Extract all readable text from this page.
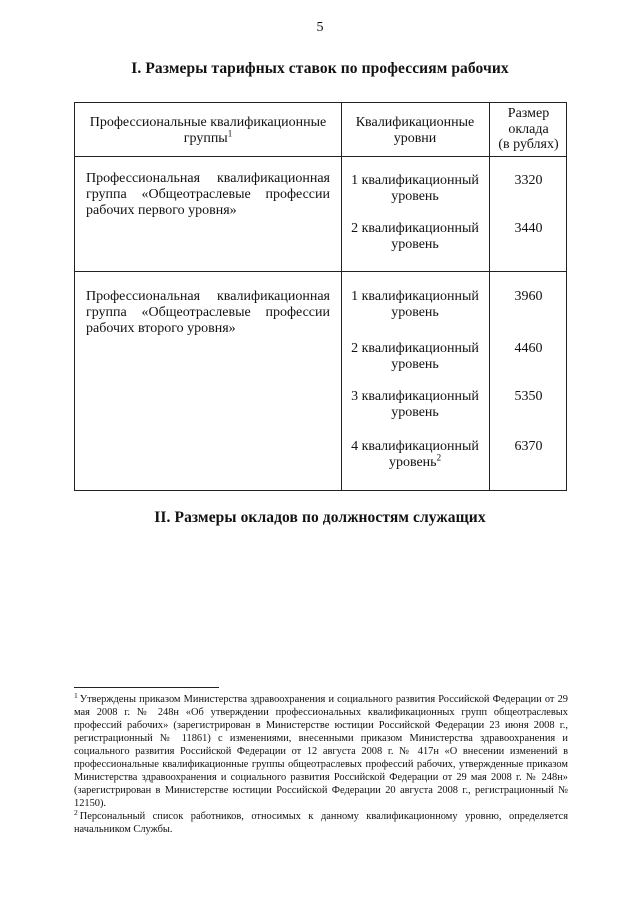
5
I. Размеры тарифных ставок по профессиям рабочих
Профессиональные квалификационные группы$^1$
Квалификационные
уровни
Размер
оклада
(в рублях)
Профессиональная квалификационная группа «Общеотраслевые профессии рабочих первого уровня»
1 квалификационный
уровень
3320
2 квалификационный
уровень
3440
Профессиональная квалификационная группа «Общеотраслевые профессии рабочих второго уровня»
1 квалификационный
уровень
3960
2 квалификационный
уровень
4460
3 квалификационный
уровень
5350
4 квалификационный
уровень$^2$
6370
II. Размеры окладов по должностям служащих

$^1$ Утверждены приказом Министерства здравоохранения и социального развития Российской Федерации от 29 мая 2008 г. № 248н «Об утверждении профессиональных квалификационных групп общеотраслевых профессий рабочих» (зарегистрирован в Министерстве юстиции Российской Федерации 23 июня 2008 г., регистрационный № 11861) с изменениями, внесенными приказом Министерства здравоохранения и социального развития Российской Федерации от 12 августа 2008 г. № 417н «О внесении изменений в профессиональные квалификационные группы общеотраслевых профессий рабочих, утвержденные приказом Министерства здравоохранения и социального развития Российской Федерации от 29 мая 2008 г. № 248н» (зарегистрирован в Министерстве юстиции Российской Федерации 20 августа 2008 г., регистрационный № 12150).

$^2$ Персональный список работников, относимых к данному квалификационному уровню, определяется начальником Службы.
